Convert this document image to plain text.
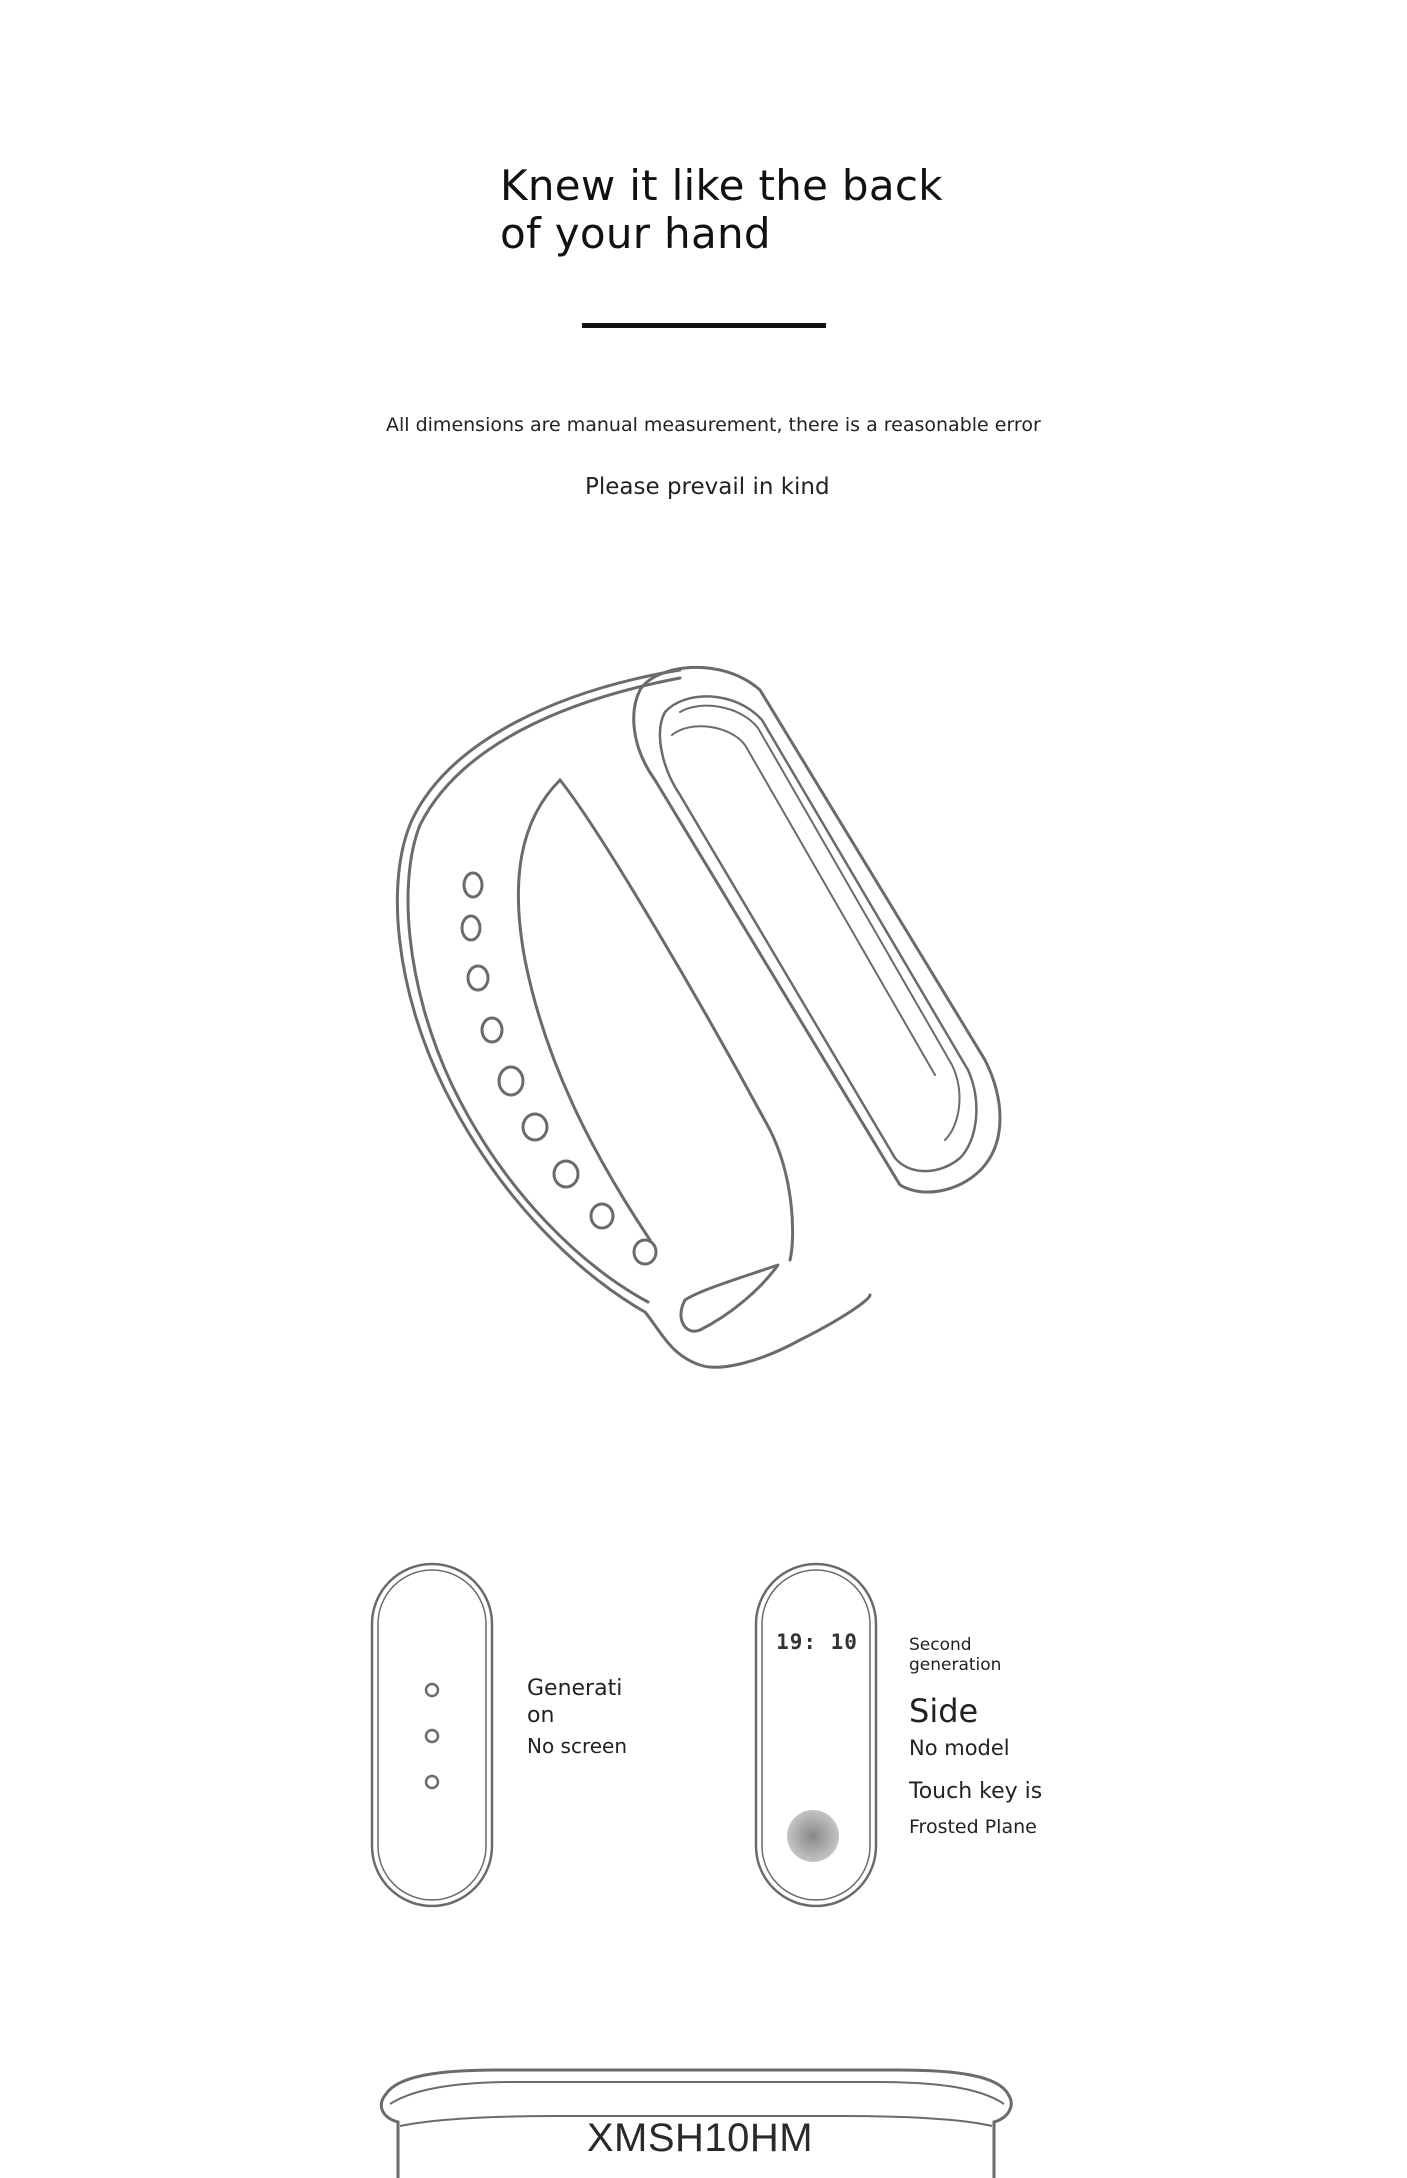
Knew it like the back
of your hand
All dimensions are manual measurement, there is a reasonable error
Please prevail in kind
Generati
on
No screen
19: 10	Second
generation
Side
No model
Touch key is
Frosted Plane
XMSH10HM
